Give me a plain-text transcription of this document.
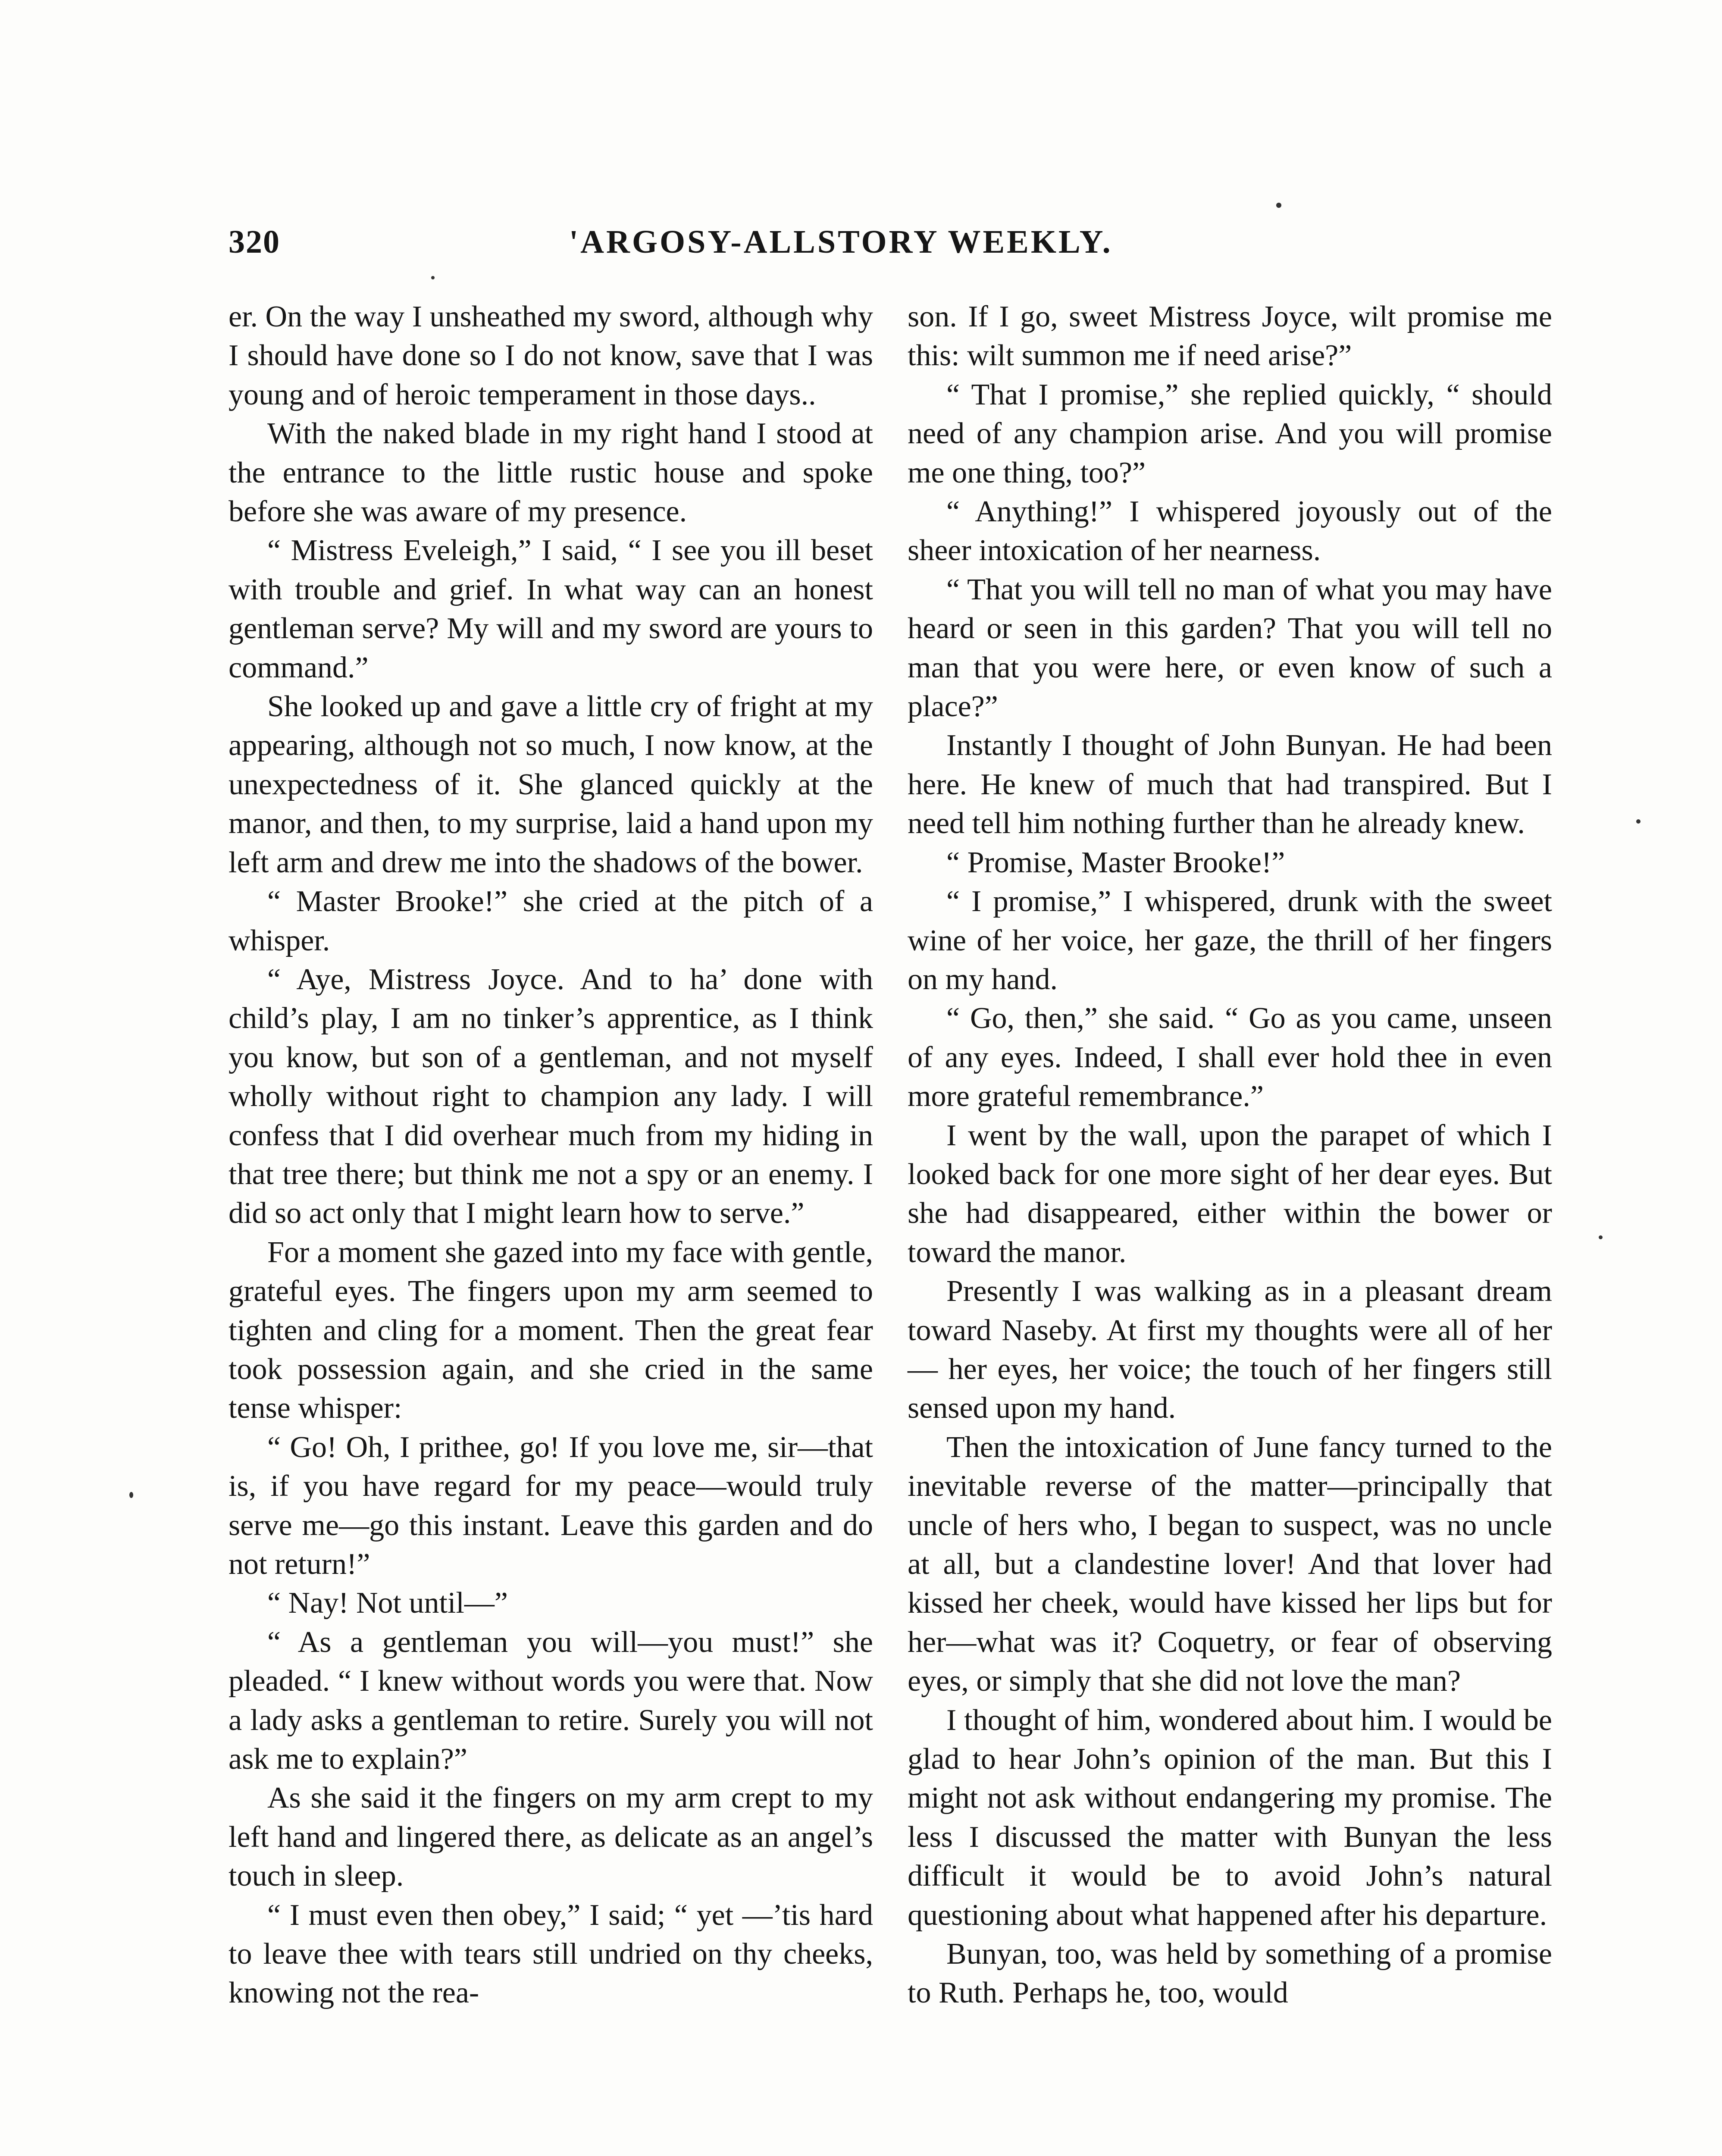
320	'ARGOSY-ALLSTORY WEEKLY.

er. On the way I unsheathed my sword, although why I should have done so I do not know, save that I was young and of heroic temperament in those days..

With the naked blade in my right hand I stood at the entrance to the little rustic house and spoke before she was aware of my presence.

“ Mistress Eveleigh,” I said, “ I see you ill beset with trouble and grief. In what way can an honest gentleman serve? My will and my sword are yours to command.”

She looked up and gave a little cry of fright at my appearing, although not so much, I now know, at the unexpectedness of it. She glanced quickly at the manor, and then, to my surprise, laid a hand upon my left arm and drew me into the shadows of the bower.

“ Master Brooke!” she cried at the pitch of a whisper.

“ Aye, Mistress Joyce. And to ha’ done with child’s play, I am no tinker’s apprentice, as I think you know, but son of a gentleman, and not myself wholly without right to champion any lady. I will confess that I did overhear much from my hiding in that tree there; but think me not a spy or an enemy. I did so act only that I might learn how to serve.”

For a moment she gazed into my face with gentle, grateful eyes. The fingers upon my arm seemed to tighten and cling for a moment. Then the great fear took possession again, and she cried in the same tense whisper:

“ Go! Oh, I prithee, go! If you love me, sir—that is, if you have regard for my peace—would truly serve me—go this instant. Leave this garden and do not return!”

“ Nay! Not until—”

“ As a gentleman you will—you must!” she pleaded. “ I knew without words you were that. Now a lady asks a gentleman to retire. Surely you will not ask me to explain?”

As she said it the fingers on my arm crept to my left hand and lingered there, as delicate as an angel’s touch in sleep.

“ I must even then obey,” I said; “ yet —’tis hard to leave thee with tears still undried on thy cheeks, knowing not the rea-

son. If I go, sweet Mistress Joyce, wilt promise me this: wilt summon me if need arise?”

“ That I promise,” she replied quickly, “ should need of any champion arise. And you will promise me one thing, too?”

“ Anything!” I whispered joyously out of the sheer intoxication of her nearness.

“ That you will tell no man of what you may have heard or seen in this garden? That you will tell no man that you were here, or even know of such a place?”

Instantly I thought of John Bunyan. He had been here. He knew of much that had transpired. But I need tell him nothing further than he already knew.

“ Promise, Master Brooke!”

“ I promise,” I whispered, drunk with the sweet wine of her voice, her gaze, the thrill of her fingers on my hand.

“ Go, then,” she said. “ Go as you came, unseen of any eyes. Indeed, I shall ever hold thee in even more grateful remembrance.”

I went by the wall, upon the parapet of which I looked back for one more sight of her dear eyes. But she had disappeared, either within the bower or toward the manor.

Presently I was walking as in a pleasant dream toward Naseby. At first my thoughts were all of her — her eyes, her voice; the touch of her fingers still sensed upon my hand.

Then the intoxication of June fancy turned to the inevitable reverse of the matter—principally that uncle of hers who, I began to suspect, was no uncle at all, but a clandestine lover! And that lover had kissed her cheek, would have kissed her lips but for her—what was it? Coquetry, or fear of observing eyes, or simply that she did not love the man?

I thought of him, wondered about him. I would be glad to hear John’s opinion of the man. But this I might not ask without endangering my promise. The less I discussed the matter with Bunyan the less difficult it would be to avoid John’s natural questioning about what happened after his departure.

Bunyan, too, was held by something of a promise to Ruth. Perhaps he, too, would
